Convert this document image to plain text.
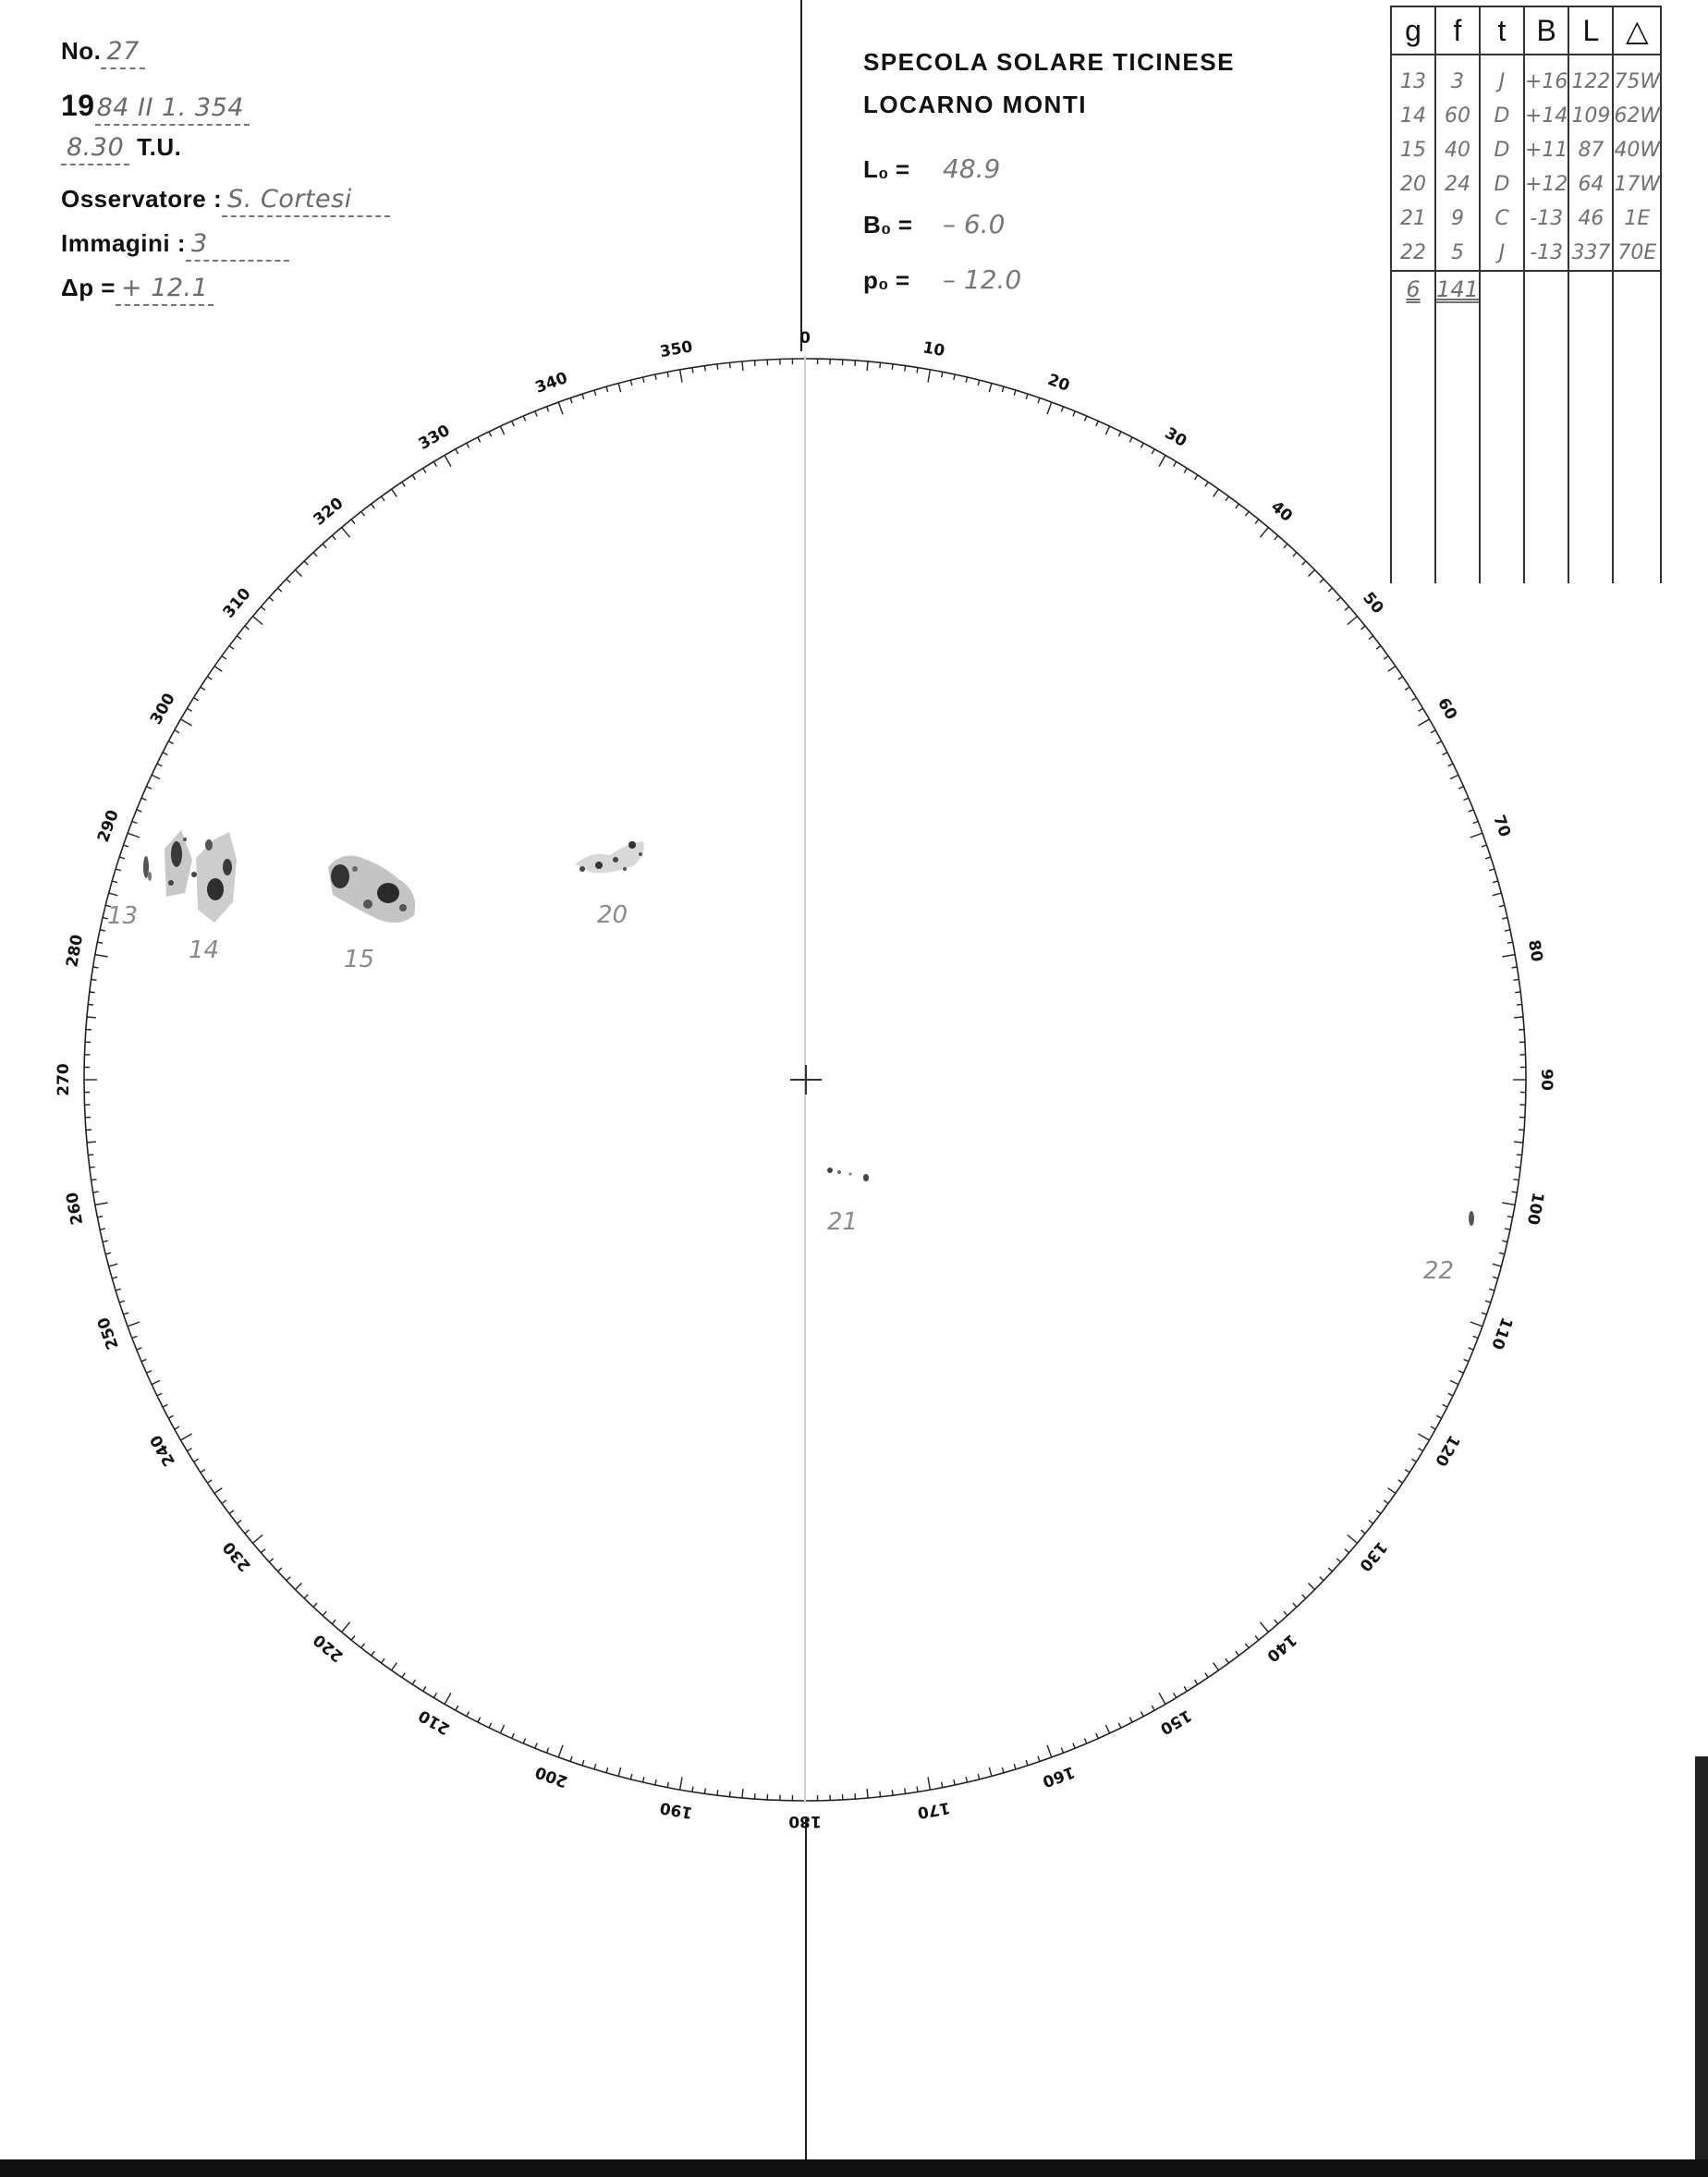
No. 27
19 84 II 1. 354
8.30 T.U.
Osservatore : S. Cortesi
Immagini : 3
Δp = + 12.1
SPECOLA SOLARE TICINESE
LOCARNO MONTI
L₀ =	48.9
B₀ =	– 6.0
p₀ =	– 12.0
g	f	t	B	L	△

13	3	J	+16	122	75W
14	60	D	+14	109	62W
15	40	D	+11	87	40W
20	24	D	+12	64	17W
21	9	C	-13	46	1E
22	5	J	-13	337	70E
6	141				

0
10
20
30
40
50
60
70
80
90
100
110
120
130
140
150
160
170
180
190
200
210
220
230
240
250
260
270
280
290
300
310
320
330
340
350
13
14	15
20
21
22
